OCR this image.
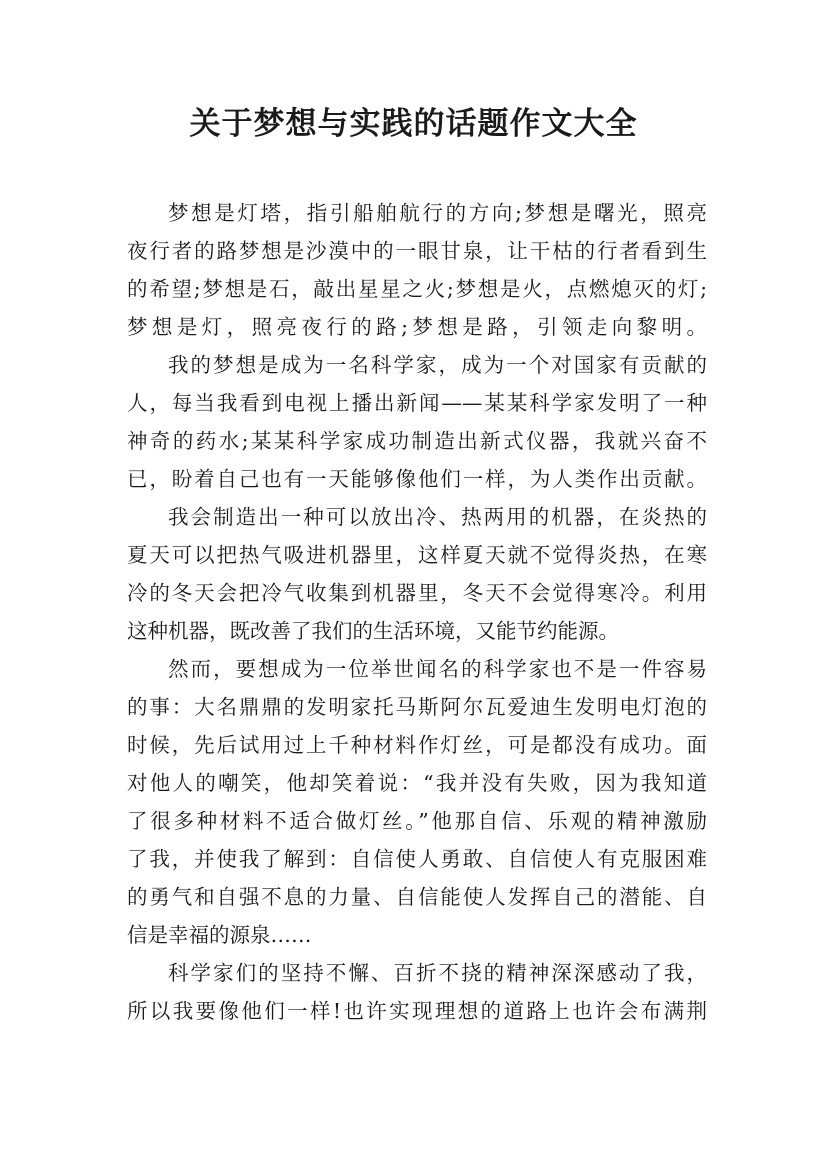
关于梦想与实践的话题作文大全
梦想是灯塔，指引船舶航行的方向;梦想是曙光，照亮
夜行者的路梦想是沙漠中的一眼甘泉，让干枯的行者看到生
的希望;梦想是石，敲出星星之火;梦想是火，点燃熄灭的灯;
梦想是灯，照亮夜行的路;梦想是路，引领走向黎明。
我的梦想是成为一名科学家，成为一个对国家有贡献的
人，每当我看到电视上播出新闻——某某科学家发明了一种
神奇的药水;某某科学家成功制造出新式仪器，我就兴奋不
已，盼着自己也有一天能够像他们一样，为人类作出贡献。
我会制造出一种可以放出冷、热两用的机器，在炎热的
夏天可以把热气吸进机器里，这样夏天就不觉得炎热，在寒
冷的冬天会把冷气收集到机器里，冬天不会觉得寒冷。利用
这种机器，既改善了我们的生活环境，又能节约能源。
然而，要想成为一位举世闻名的科学家也不是一件容易
的事：大名鼎鼎的发明家托马斯阿尔瓦爱迪生发明电灯泡的
时候，先后试用过上千种材料作灯丝，可是都没有成功。面
对他人的嘲笑，他却笑着说：“我并没有失败，因为我知道
了很多种材料不适合做灯丝。”他那自信、乐观的精神激励
了我，并使我了解到：自信使人勇敢、自信使人有克服困难
的勇气和自强不息的力量、自信能使人发挥自己的潜能、自
信是幸福的源泉……
科学家们的坚持不懈、百折不挠的精神深深感动了我，
所以我要像他们一样!也许实现理想的道路上也许会布满荆
